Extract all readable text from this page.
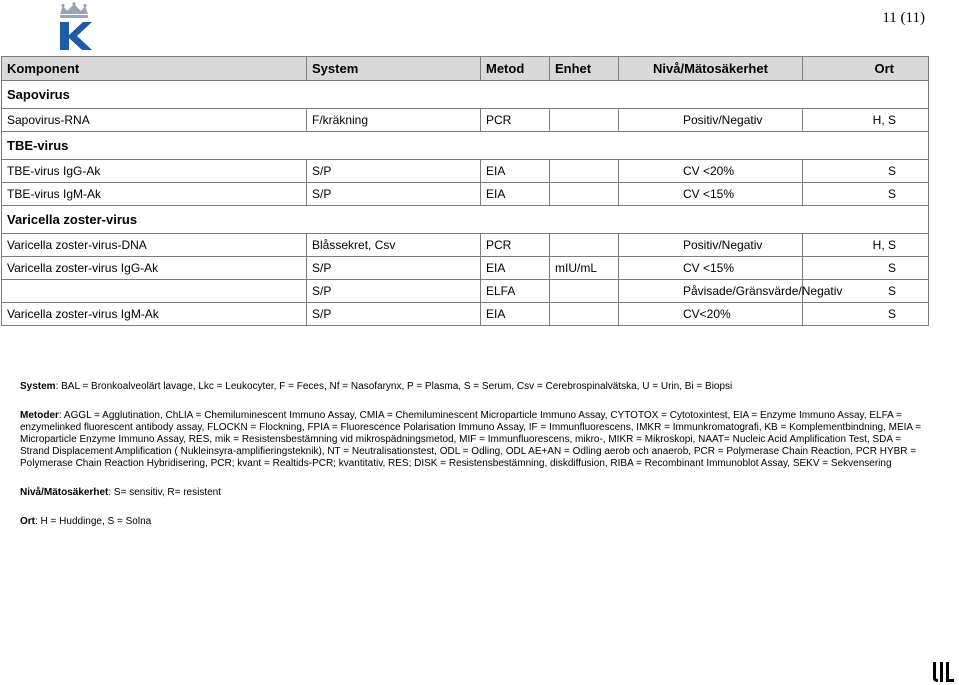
11 (11)
Komponent	System	Metod	Enhet	Nivå/Mätosäkerhet	Ort
Sapovirus					
Sapovirus-RNA	F/kräkning	PCR		Positiv/Negativ	H, S
TBE-virus					
TBE-virus IgG-Ak	S/P	EIA		CV <20%	S
TBE-virus IgM-Ak	S/P	EIA		CV <15%	S
Varicella zoster-virus					
Varicella zoster-virus-DNA	Blåssekret, Csv	PCR		Positiv/Negativ	H, S
Varicella zoster-virus IgG-Ak	S/P	EIA	mIU/mL	CV <15%	S
	S/P	ELFA		Påvisade/Gränsvärde/Negativ	S
Varicella zoster-virus IgM-Ak	S/P	EIA		CV<20%	S

System: BAL = Bronkoalveolärt lavage, Lkc = Leukocyter, F = Feces, Nf = Nasofarynx, P = Plasma, S = Serum, Csv = Cerebrospinalvätska, U = Urin, Bi = Biopsi

Metoder: AGGL = Agglutination, ChLIA = Chemiluminescent Immuno Assay, CMIA = Chemiluminescent Microparticle Immuno Assay, CYTOTOX = Cytotoxintest, EIA = Enzyme Immuno Assay, ELFA = enzymelinked fluorescent antibody assay, FLOCKN = Flockning, FPIA = Fluorescence Polarisation Immuno Assay, IF = Immunfluorescens, IMKR = Immunkromatografi, KB = Komplementbindning, MEIA = Microparticle Enzyme Immuno Assay, RES, mik = Resistensbestämning vid mikrospädningsmetod, MIF = Immunfluorescens, mikro-, MIKR = Mikroskopi, NAAT= Nucleic Acid Amplification Test, SDA = Strand Displacement Amplification ( Nukleinsyra-amplifieringsteknik), NT = Neutralisationstest, ODL = Odling, ODL AE+AN = Odling aerob och anaerob, PCR = Polymerase Chain Reaction, PCR HYBR = Polymerase Chain Reaction Hybridisering, PCR; kvant = Realtids-PCR; kvantitativ, RES; DISK = Resistensbestämning, diskdiffusion, RIBA = Recombinant Immunoblot Assay, SEKV = Sekvensering

Nivå/Mätosäkerhet: S= sensitiv, R= resistent

Ort: H = Huddinge, S = Solna
